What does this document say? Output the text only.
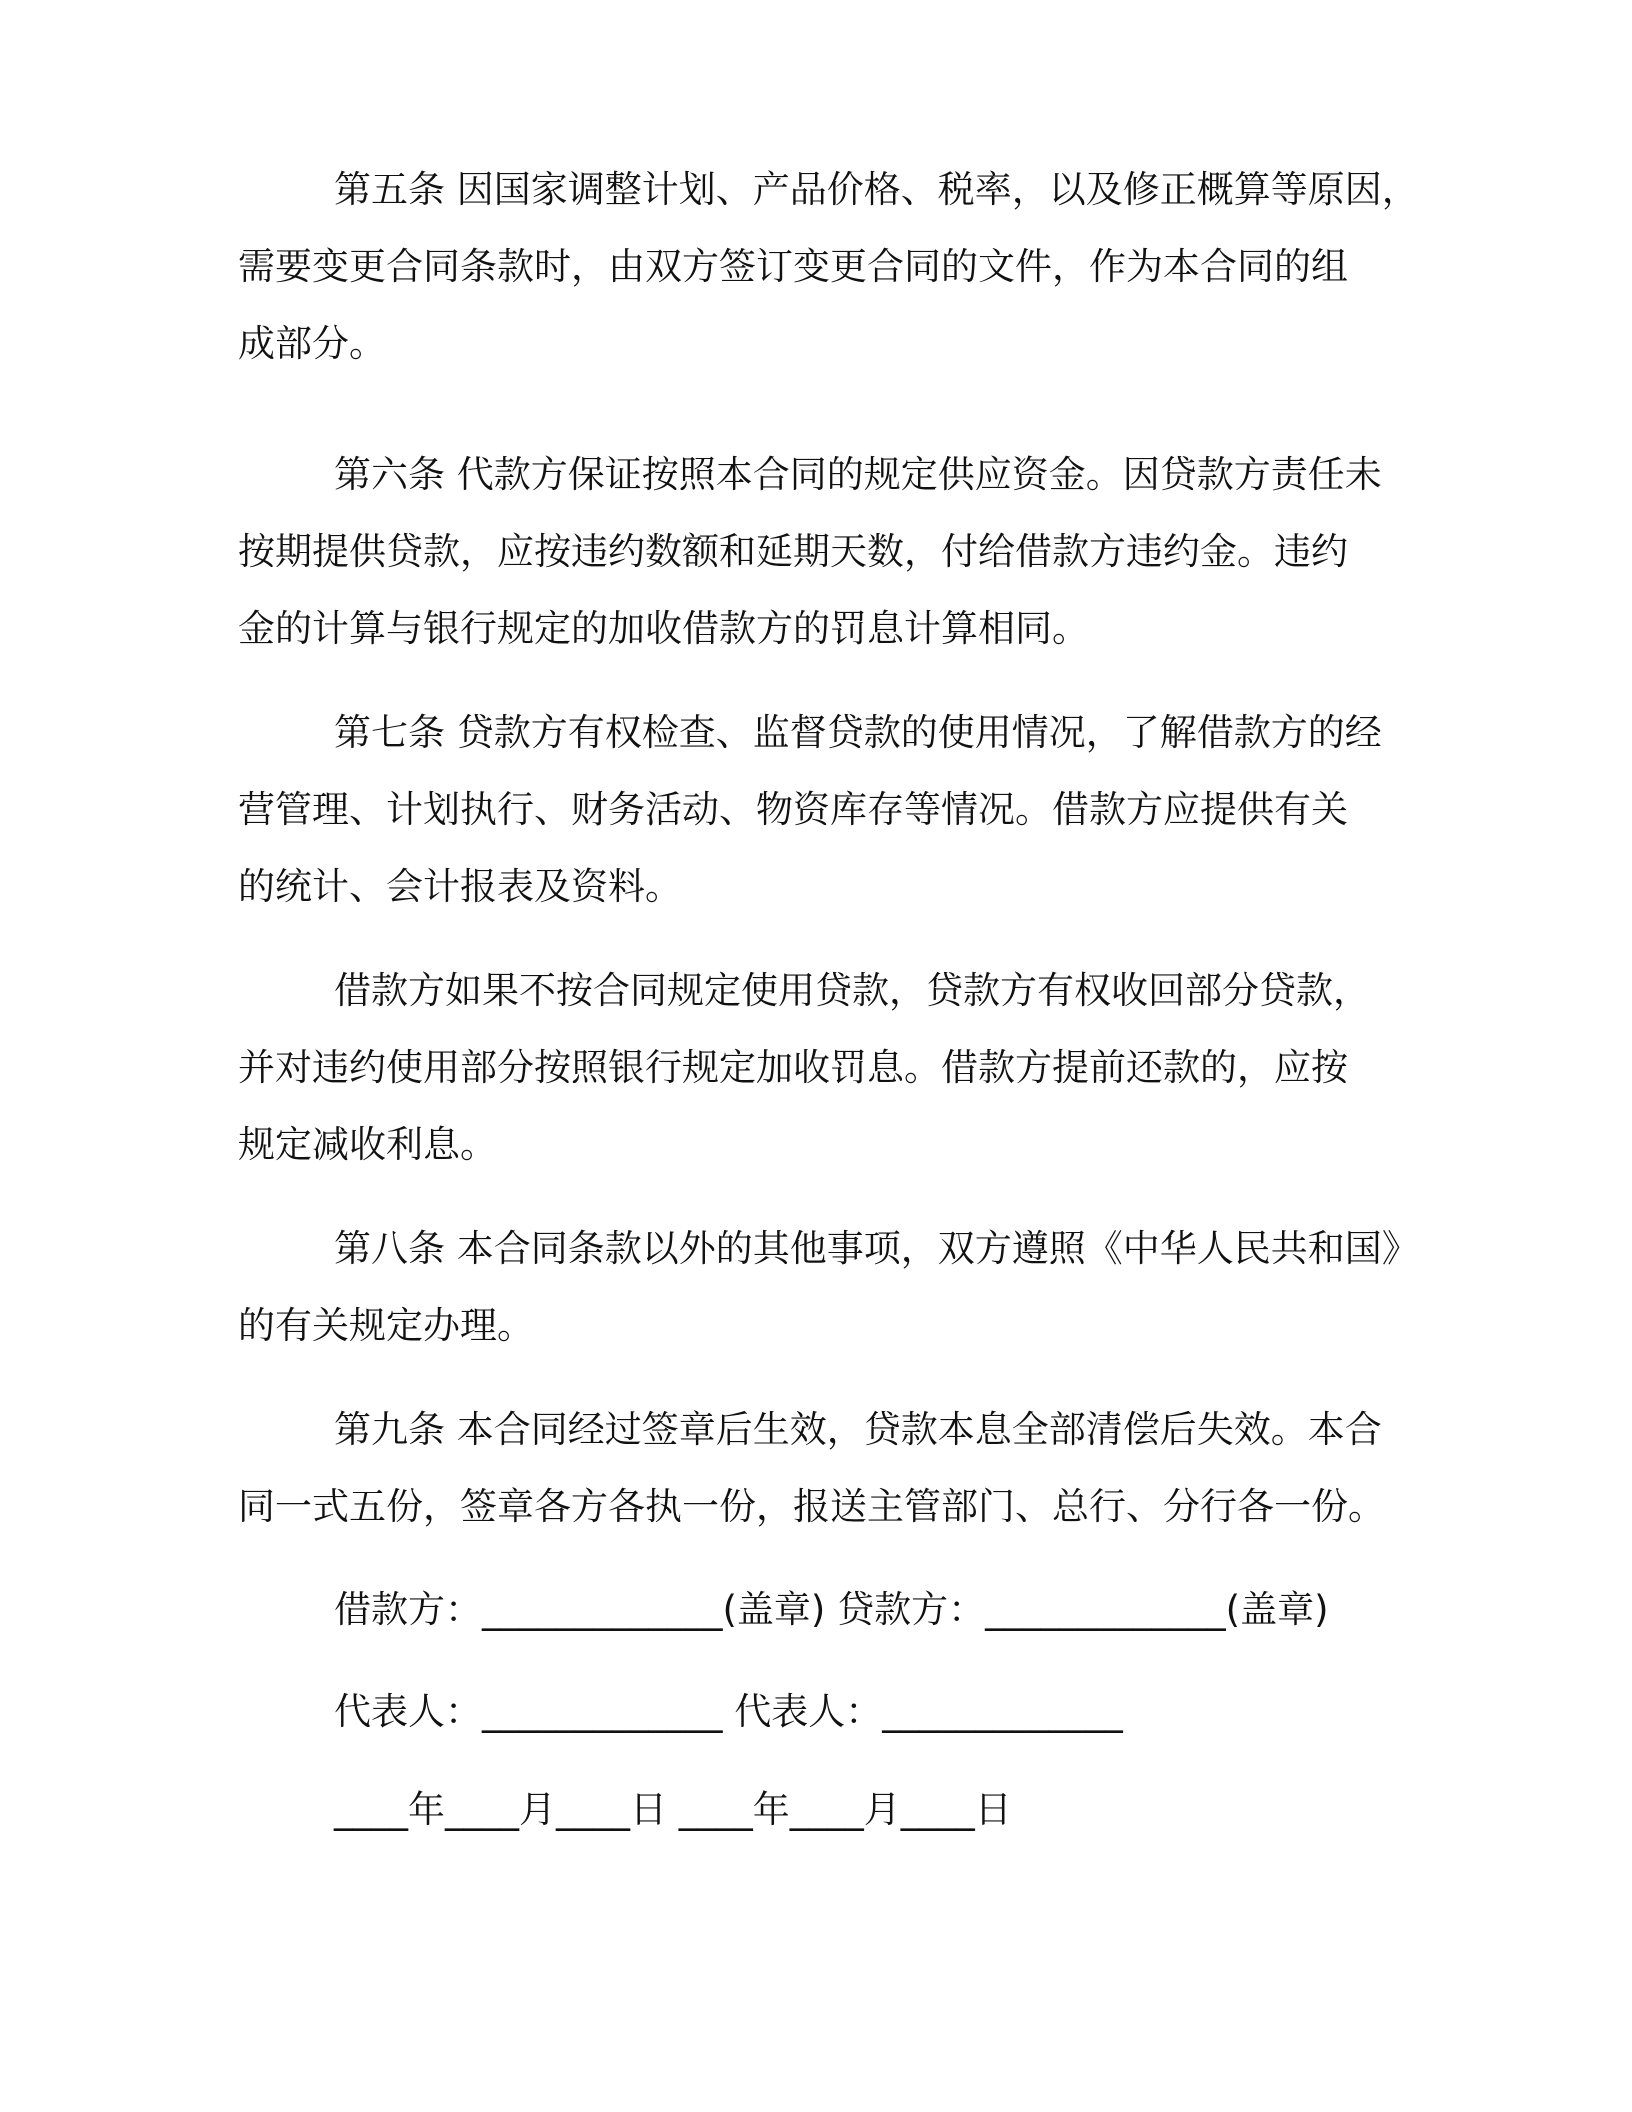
第五条 因国家调整计划、产品价格、税率，以及修正概算等原因，
需要变更合同条款时，由双方签订变更合同的文件，作为本合同的组
成部分。
第六条 代款方保证按照本合同的规定供应资金。因贷款方责任未
按期提供贷款，应按违约数额和延期天数，付给借款方违约金。违约
金的计算与银行规定的加收借款方的罚息计算相同。
第七条 贷款方有权检查、监督贷款的使用情况，了解借款方的经
营管理、计划执行、财务活动、物资库存等情况。借款方应提供有关
的统计、会计报表及资料。
借款方如果不按合同规定使用贷款，贷款方有权收回部分贷款，
并对违约使用部分按照银行规定加收罚息。借款方提前还款的，应按
规定减收利息。
第八条 本合同条款以外的其他事项，双方遵照《中华人民共和国》
的有关规定办理。
第九条 本合同经过签章后生效，贷款本息全部清偿后失效。本合
同一式五份，签章各方各执一份，报送主管部门、总行、分行各一份。
借款方：_____________(盖章) 贷款方：_____________(盖章)
代表人：_____________ 代表人：_____________
____年____月____日 ____年____月____日
